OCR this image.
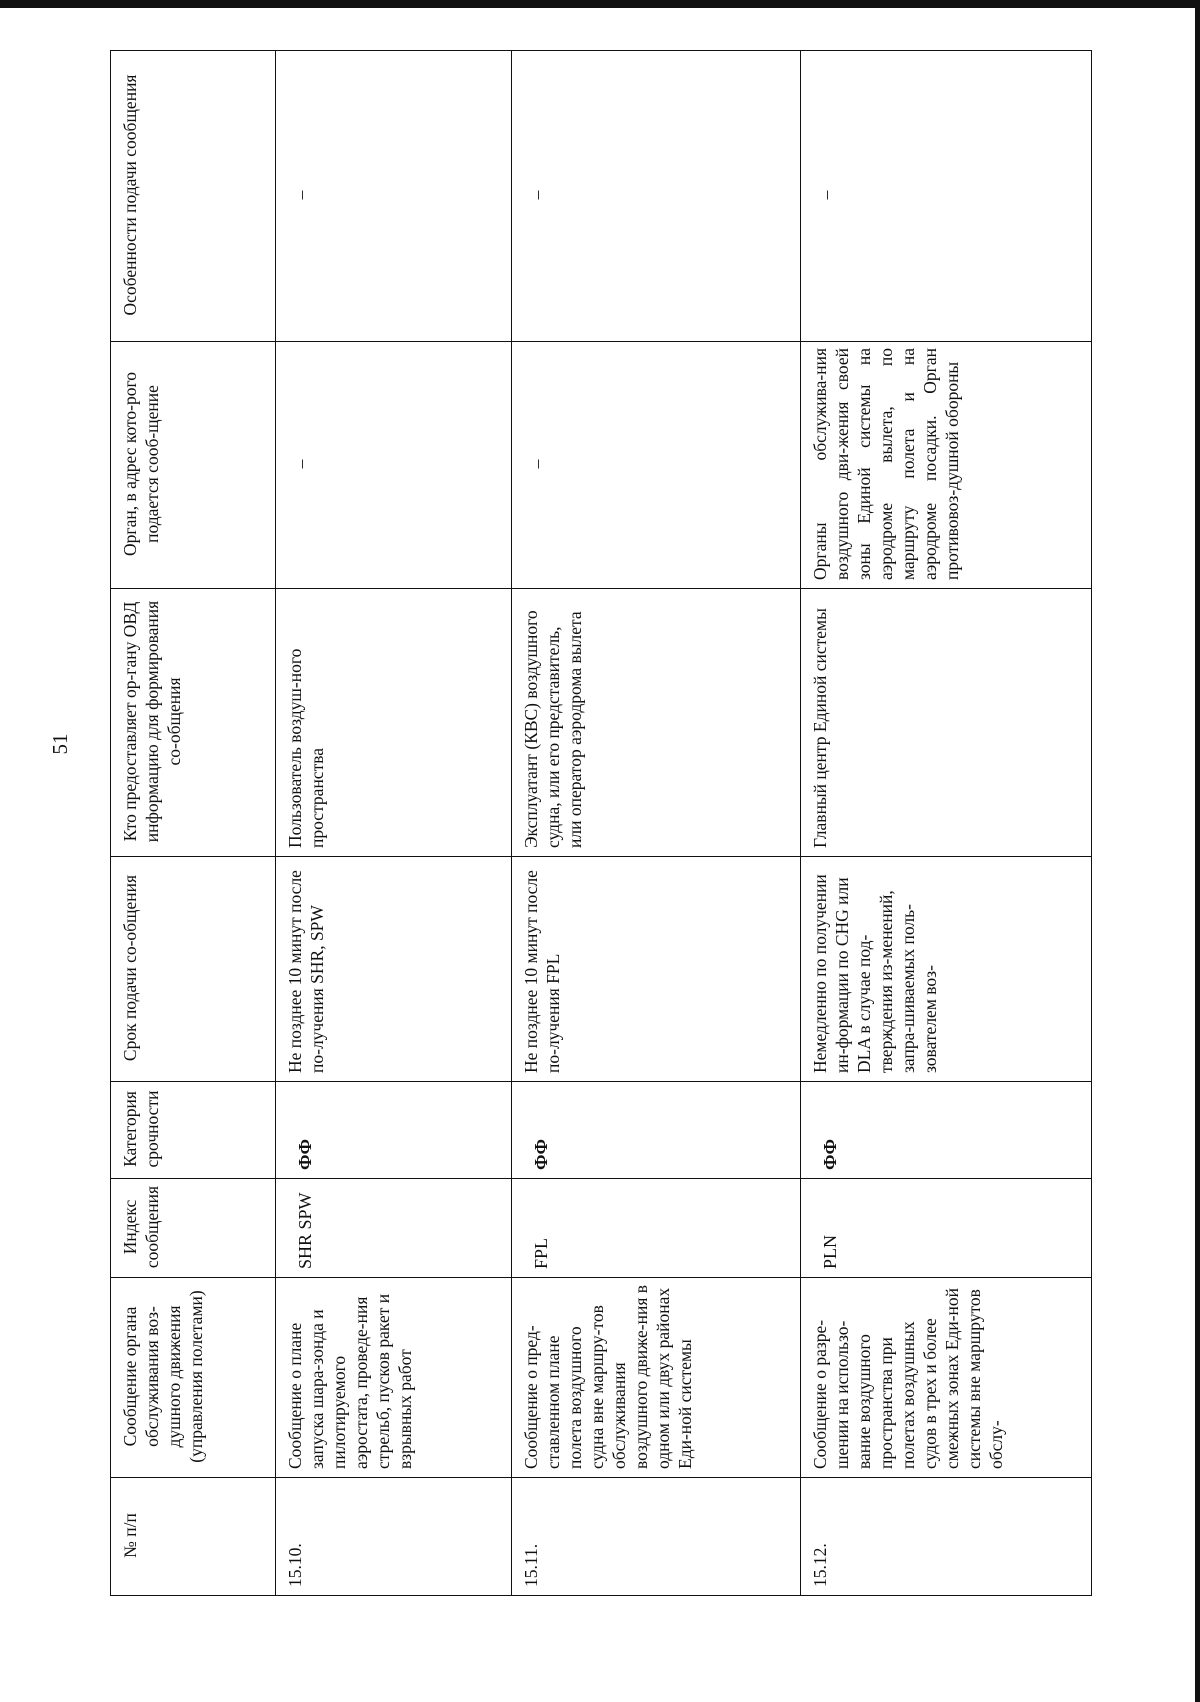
51
№ п/п	Сообщение органа обслуживания воз-душного движения (управления полетами)	Индекс сообщения	Категория срочности	Срок подачи со-общения	Кто предоставляет ор-гану ОВД информацию для формирования со-общения	Орган, в адрес кото-рого подается сооб-щение	Особенности подачи сообщения
15.10.	Сообщение о плане запуска шара-зонда и пилотируемого аэростата, проведе-ния стрельб, пусков ракет и взрывных работ	SHR SPW	ФФ	Не позднее 10 минут после по-лучения SHR, SPW	Пользователь воздуш-ного пространства	–	–
15.11.	Сообщение о пред-ставленном плане полета воздушного судна вне маршру-тов обслуживания воздушного движе-ния в одном или двух районах Еди-ной системы	FPL	ФФ	Не позднее 10 минут после по-лучения FPL	Эксплуатант (КВС) воздушного судна, или его представитель, или оператор аэродрома вылета	–	–
15.12.	Сообщение о разре-шении на использо-вание воздушного пространства при полетах воздушных судов в трех и более смежных зонах Еди-ной системы вне маршрутов обслу-	PLN	ФФ	Немедленно по получении ин-формации по CHG или DLA в случае под-тверждения из-менений, запра-шиваемых поль-зователем воз-	Главный центр Единой системы	Органы обслужива-ния воздушного дви-жения своей зоны Единой системы на аэродроме вылета, по маршруту полета и на аэродроме посадки. Орган противовоз-душной обороны	–
